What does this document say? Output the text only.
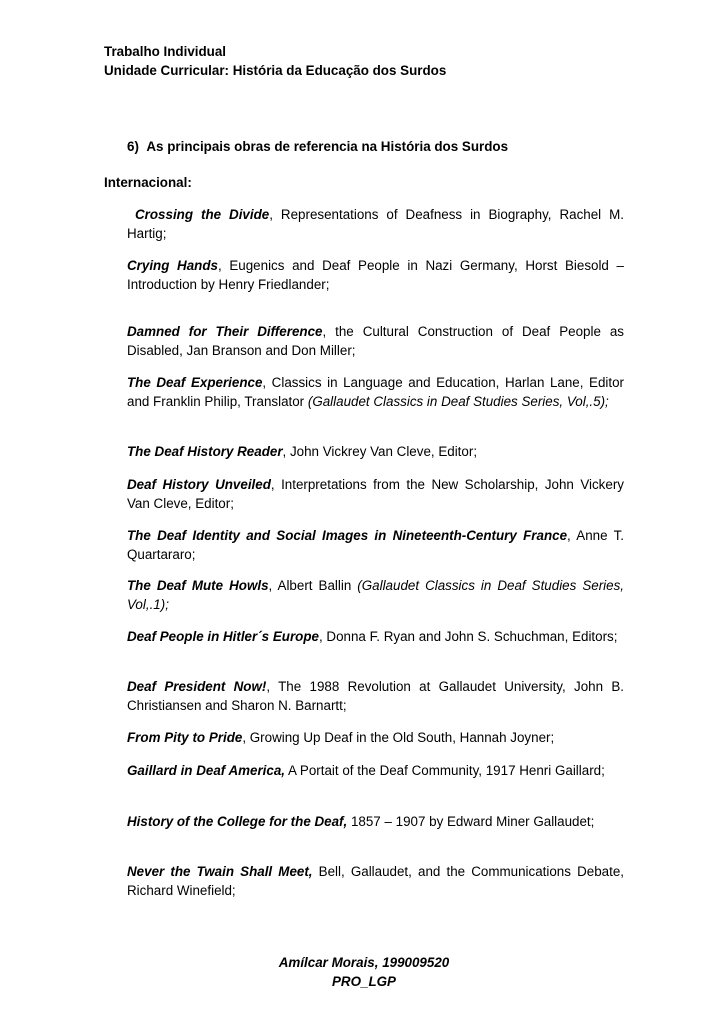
Trabalho Individual
Unidade Curricular: História da Educação dos Surdos
6) As principais obras de referencia na História dos Surdos
Internacional:
Crossing the Divide, Representations of Deafness in Biography, Rachel M. Hartig;
Crying Hands, Eugenics and Deaf People in Nazi Germany, Horst Biesold – Introduction by Henry Friedlander;
Damned for Their Difference, the Cultural Construction of Deaf People as Disabled, Jan Branson and Don Miller;
The Deaf Experience, Classics in Language and Education, Harlan Lane, Editor and Franklin Philip, Translator (Gallaudet Classics in Deaf Studies Series, Vol,.5);
The Deaf History Reader, John Vickrey Van Cleve, Editor;
Deaf History Unveiled, Interpretations from the New Scholarship, John Vickery Van Cleve, Editor;
The Deaf Identity and Social Images in Nineteenth-Century France, Anne T. Quartararo;
The Deaf Mute Howls, Albert Ballin (Gallaudet Classics in Deaf Studies Series, Vol,.1);
Deaf People in Hitler´s Europe, Donna F. Ryan and John S. Schuchman, Editors;
Deaf President Now!, The 1988 Revolution at Gallaudet University, John B. Christiansen and Sharon N. Barnartt;
From Pity to Pride, Growing Up Deaf in the Old South, Hannah Joyner;
Gaillard in Deaf America, A Portait of the Deaf Community, 1917 Henri Gaillard;
History of the College for the Deaf, 1857 – 1907 by Edward Miner Gallaudet;
Never the Twain Shall Meet, Bell, Gallaudet, and the Communications Debate, Richard Winefield;
Amílcar Morais, 199009520
PRO_LGP
